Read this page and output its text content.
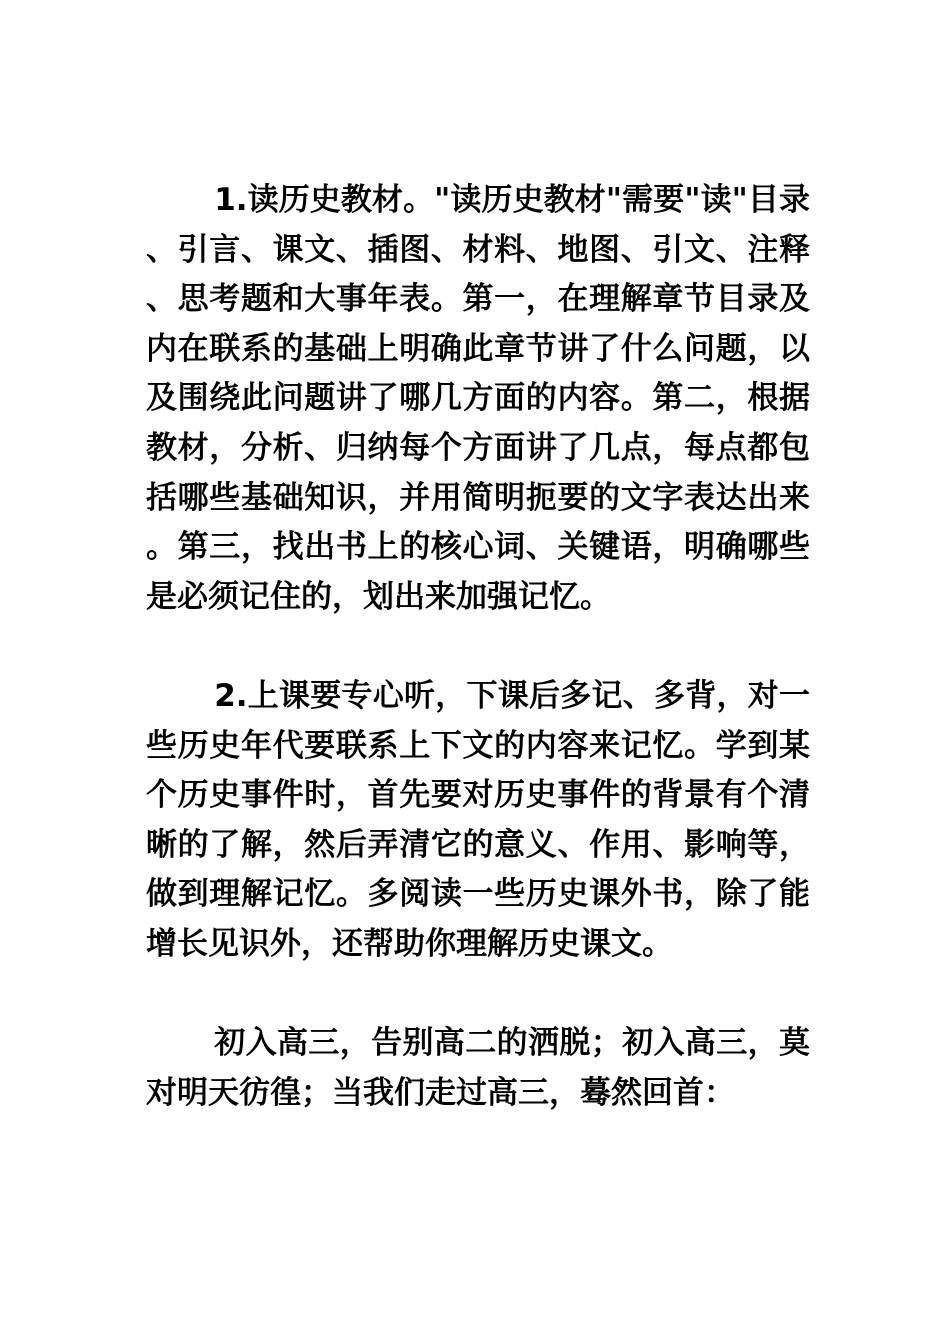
1.读历史教材。"读历史教材"需要"读"目录、引言、课文、插图、材料、地图、引文、注释、思考题和大事年表。第一，在理解章节目录及内在联系的基础上明确此章节讲了什么问题，以及围绕此问题讲了哪几方面的内容。第二，根据教材，分析、归纳每个方面讲了几点，每点都包括哪些基础知识，并用简明扼要的文字表达出来。第三，找出书上的核心词、关键语，明确哪些是必须记住的，划出来加强记忆。

2.上课要专心听，下课后多记、多背，对一些历史年代要联系上下文的内容来记忆。学到某个历史事件时，首先要对历史事件的背景有个清晰的了解，然后弄清它的意义、作用、影响等，做到理解记忆。多阅读一些历史课外书，除了能增长见识外，还帮助你理解历史课文。

初入高三，告别高二的洒脱；初入高三，莫对明天彷徨；当我们走过高三，蓦然回首：
